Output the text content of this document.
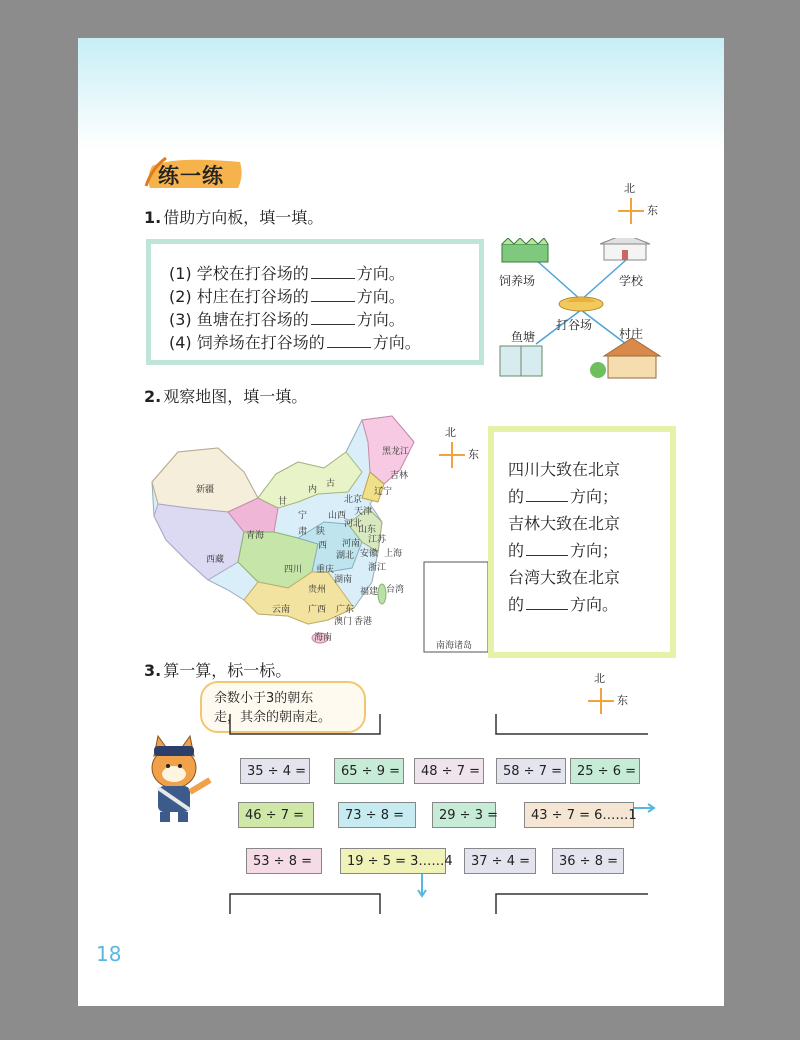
练一练
1. 借助方向板，填一填。
(1) 学校在打谷场的	方向。
(2) 村庄在打谷场的	方向。
(3) 鱼塘在打谷场的	方向。
(4) 饲养场在打谷场的	方向。
北
东
饲养场	学校
打谷场
鱼塘	村庄
2. 观察地图，填一填。
黑龙江
吉林
辽宁
内
古
新疆
甘
宁
北京
天津
山西
河北
山东
青海	陕
西
西藏
肃
重庆
湖北
河南 江苏
四川
贵州
湖南
安徽
浙江
上海
云南 广西 广东
福建 台湾
澳门 香港
海南
南海诸岛
北
东
四川大致在北京
的	方向；
吉林大致在北京
的	方向；
台湾大致在北京
的	方向。
3. 算一算，标一标。	北
东
余数小于3的朝东
走，其余的朝南走。
35 ÷ 4 =	65 ÷ 9 = 48 ÷ 7 = 58 ÷ 7 = 25 ÷ 6 =
46 ÷ 7 =	73 ÷ 8 =	29 ÷ 3 =	43 ÷ 7 = 6……1
53 ÷ 8 =	19 ÷ 5 = 3……4 37 ÷ 4 = 36 ÷ 8 =
18
